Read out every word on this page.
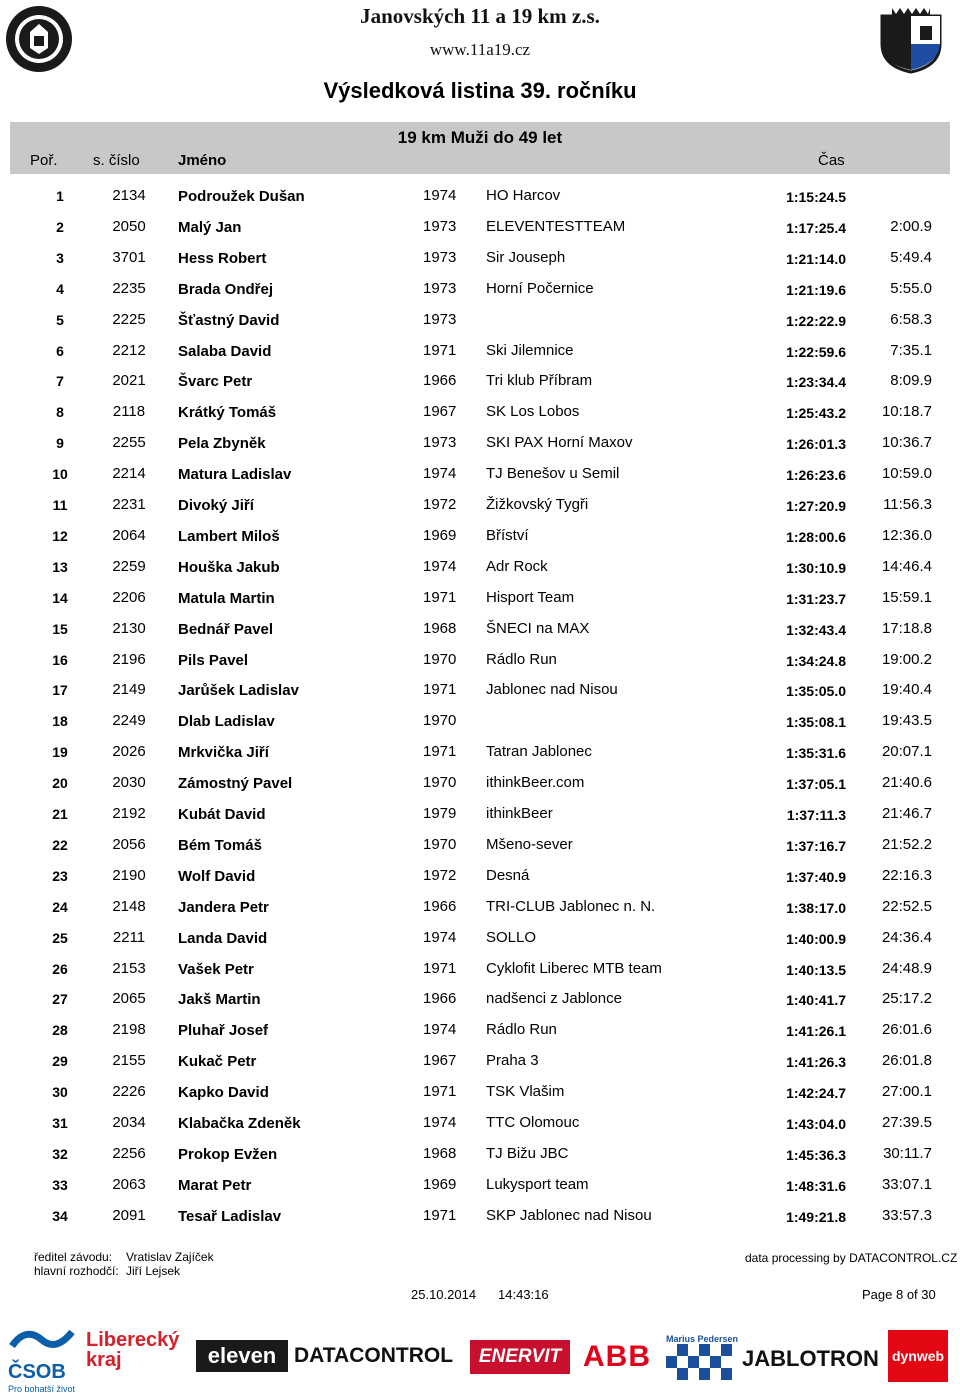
Janovských 11 a 19 km z.s.
www.11a19.cz
Výsledková listina 39. ročníku
19 km Muži do 49 let
Poř. s. číslo	Jméno	Čas
1	2134	Podroužek Dušan	1974 HO Harcov	1:15:24.5
2	2050	Malý Jan	1973 ELEVENTESTTEAM	1:17:25.4	2:00.9
3	3701	Hess Robert	1973 Sir Jouseph	1:21:14.0	5:49.4
4	2235	Brada Ondřej	1973 Horní Počernice	1:21:19.6	5:55.0
5	2225	Šťastný David	1973	1:22:22.9	6:58.3
6	2212	Salaba David	1971 Ski Jilemnice	1:22:59.6	7:35.1
7	2021	Švarc Petr	1966 Tri klub Příbram	1:23:34.4	8:09.9
8	2118	Krátký Tomáš	1967 SK Los Lobos	1:25:43.2	10:18.7
9	2255	Pela Zbyněk	1973 SKI PAX Horní Maxov	1:26:01.3	10:36.7
10	2214	Matura Ladislav	1974 TJ Benešov u Semil	1:26:23.6	10:59.0
11	2231	Divoký Jiří	1972 Žižkovský Tygři	1:27:20.9	11:56.3
12	2064	Lambert Miloš	1969 Bříství	1:28:00.6	12:36.0
13	2259	Houška Jakub	1974 Adr Rock	1:30:10.9	14:46.4
14	2206	Matula Martin	1971 Hisport Team	1:31:23.7	15:59.1
15	2130	Bednář Pavel	1968 ŠNECI na MAX	1:32:43.4	17:18.8
16	2196	Pils Pavel	1970 Rádlo Run	1:34:24.8	19:00.2
17	2149	Jarůšek Ladislav	1971 Jablonec nad Nisou	1:35:05.0	19:40.4
18	2249	Dlab Ladislav	1970	1:35:08.1	19:43.5
19	2026	Mrkvička Jiří	1971 Tatran Jablonec	1:35:31.6	20:07.1
20	2030	Zámostný Pavel	1970 ithinkBeer.com	1:37:05.1	21:40.6
21	2192	Kubát David	1979 ithinkBeer	1:37:11.3	21:46.7
22	2056	Bém Tomáš	1970 Mšeno-sever	1:37:16.7	21:52.2
23	2190	Wolf David	1972 Desná	1:37:40.9	22:16.3
24	2148	Jandera Petr	1966 TRI-CLUB Jablonec n. N.	1:38:17.0	22:52.5
25	2211	Landa David	1974 SOLLO	1:40:00.9	24:36.4
26	2153	Vašek Petr	1971 Cyklofit Liberec MTB team	1:40:13.5	24:48.9
27	2065	Jakš Martin	1966 nadšenci z Jablonce	1:40:41.7	25:17.2
28	2198	Pluhař Josef	1974 Rádlo Run	1:41:26.1	26:01.6
29	2155	Kukač Petr	1967 Praha 3	1:41:26.3	26:01.8
30	2226	Kapko David	1971 TSK Vlašim	1:42:24.7	27:00.1
31	2034	Klabačka Zdeněk	1974 TTC Olomouc	1:43:04.0	27:39.5
32	2256	Prokop Evžen	1968 TJ Bižu JBC	1:45:36.3	30:11.7
33	2063	Marat Petr	1969 Lukysport team	1:48:31.6	33:07.1
34	2091	Tesař Ladislav	1971 SKP Jablonec nad Nisou	1:49:21.8	33:57.3
ředitel závodu: Vratislav Zajíček
hlavní rozhodčí: Jiří Lejsek
data processing by DATACONTROL.CZ
25.10.2014 14:43:16	Page 8 of 30
ČSOB
Pro bohatší život
Liberecký kraj	eleven DATACONTROL	ENERVIT ABB
Marius Pedersen
JABLOTRON dynweb
